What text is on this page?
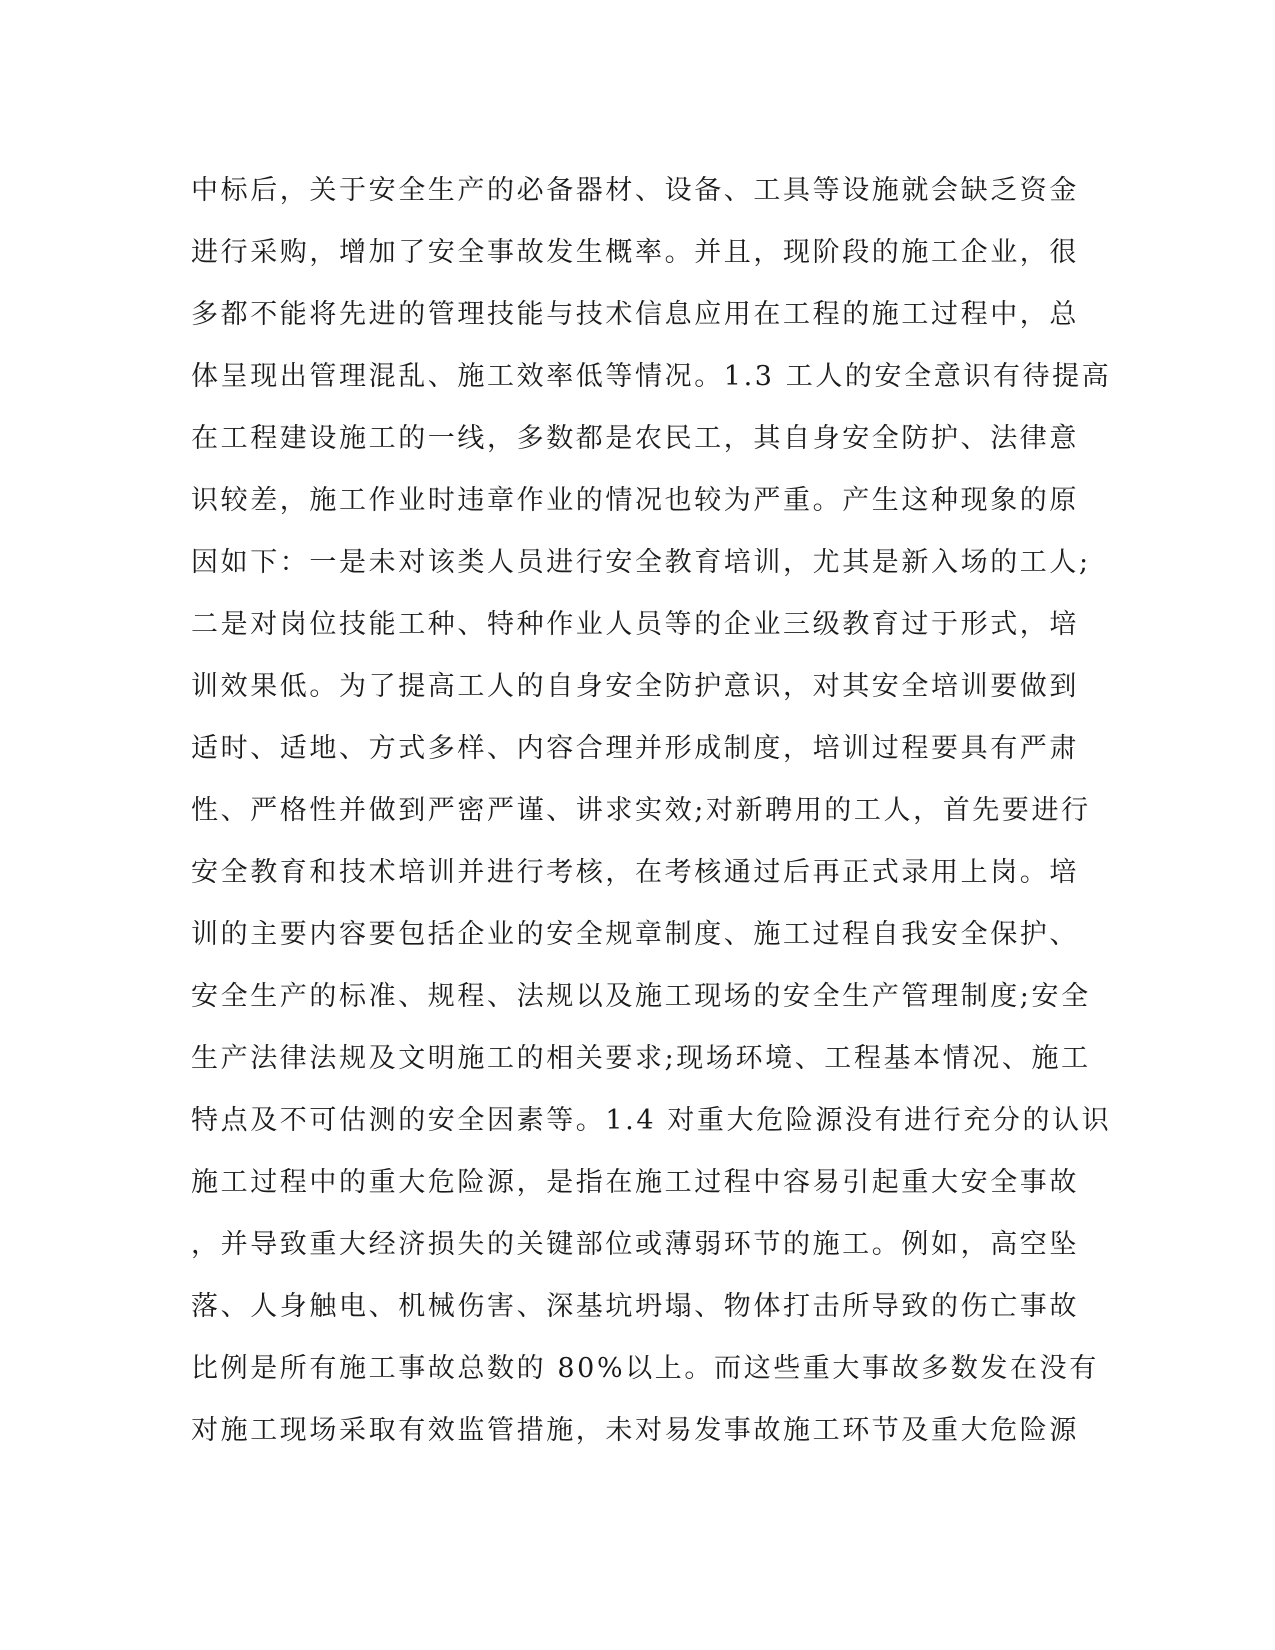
中标后，关于安全生产的必备器材、设备、工具等设施就会缺乏资金
进行采购，增加了安全事故发生概率。并且，现阶段的施工企业，很
多都不能将先进的管理技能与技术信息应用在工程的施工过程中，总
体呈现出管理混乱、施工效率低等情况。1.3 工人的安全意识有待提高
在工程建设施工的一线，多数都是农民工，其自身安全防护、法律意
识较差，施工作业时违章作业的情况也较为严重。产生这种现象的原
因如下：一是未对该类人员进行安全教育培训，尤其是新入场的工人;
二是对岗位技能工种、特种作业人员等的企业三级教育过于形式，培
训效果低。为了提高工人的自身安全防护意识，对其安全培训要做到
适时、适地、方式多样、内容合理并形成制度，培训过程要具有严肃
性、严格性并做到严密严谨、讲求实效;对新聘用的工人，首先要进行
安全教育和技术培训并进行考核，在考核通过后再正式录用上岗。培
训的主要内容要包括企业的安全规章制度、施工过程自我安全保护、
安全生产的标准、规程、法规以及施工现场的安全生产管理制度;安全
生产法律法规及文明施工的相关要求;现场环境、工程基本情况、施工
特点及不可估测的安全因素等。1.4 对重大危险源没有进行充分的认识
施工过程中的重大危险源，是指在施工过程中容易引起重大安全事故
，并导致重大经济损失的关键部位或薄弱环节的施工。例如，高空坠
落、人身触电、机械伤害、深基坑坍塌、物体打击所导致的伤亡事故
比例是所有施工事故总数的 80%以上。而这些重大事故多数发在没有
对施工现场采取有效监管措施，未对易发事故施工环节及重大危险源
